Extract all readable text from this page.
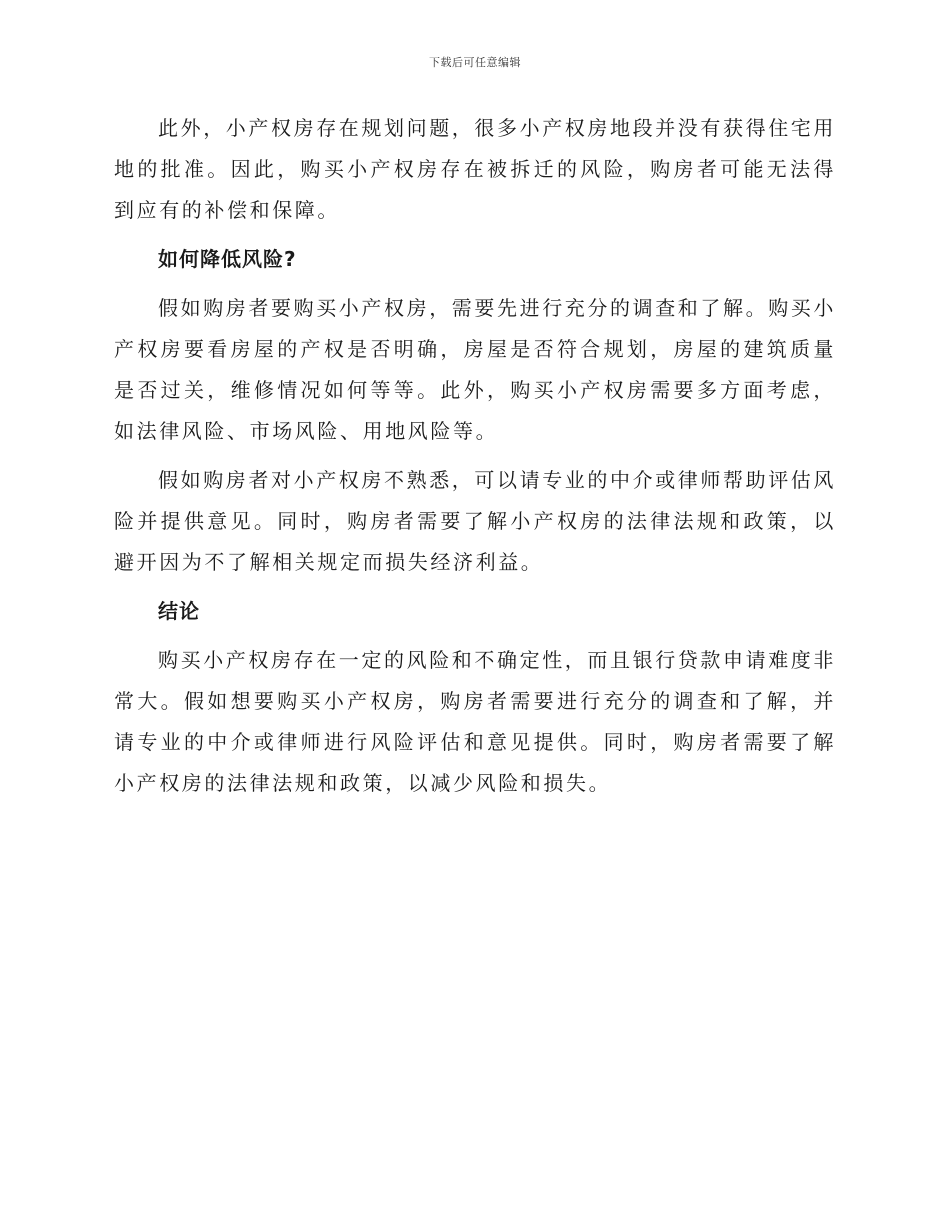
下载后可任意编辑

此外，小产权房存在规划问题，很多小产权房地段并没有获得住宅用地的批准。因此，购买小产权房存在被拆迁的风险，购房者可能无法得到应有的补偿和保障。

如何降低风险?

假如购房者要购买小产权房，需要先进行充分的调查和了解。购买小产权房要看房屋的产权是否明确，房屋是否符合规划，房屋的建筑质量是否过关，维修情况如何等等。此外，购买小产权房需要多方面考虑，如法律风险、市场风险、用地风险等。

假如购房者对小产权房不熟悉，可以请专业的中介或律师帮助评估风险并提供意见。同时，购房者需要了解小产权房的法律法规和政策，以避开因为不了解相关规定而损失经济利益。

结论

购买小产权房存在一定的风险和不确定性，而且银行贷款申请难度非常大。假如想要购买小产权房，购房者需要进行充分的调查和了解，并请专业的中介或律师进行风险评估和意见提供。同时，购房者需要了解小产权房的法律法规和政策，以减少风险和损失。
